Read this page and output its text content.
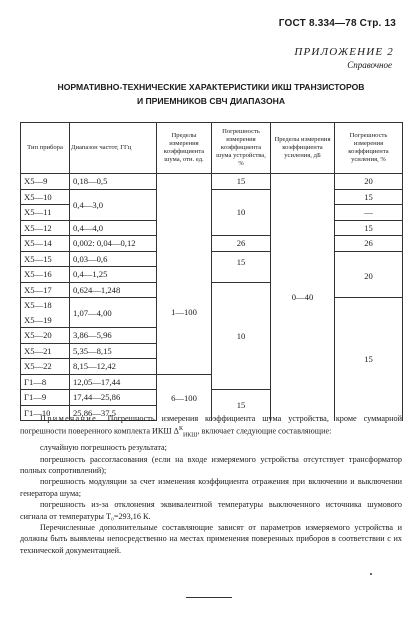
ГОСТ 8.334—78 Стр. 13
ПРИЛОЖЕНИЕ 2
Справочное
НОРМАТИВНО-ТЕХНИЧЕСКИЕ ХАРАКТЕРИСТИКИ ИКШ ТРАНЗИСТОРОВ
И ПРИЕМНИКОВ СВЧ ДИАПАЗОНА
Тип прибора	Диапазон частот, ГГц	Пределы измерения коэффициента шума, отн. ед.	Погрешность измерения коэффициента шума устройства, %	Пределы измерения коэффициента усиления, дБ	Погрешность измерения коэффициента усиления, %
Х5—9	0,18—0,5		15	0—40	20
Х5—10	0,4—3,0		10		15
Х5—11					—
Х5—12	0,4—4,0				15
Х5—14	0,002: 0,04—0,12		26		26
Х5—15	0,03—0,6	1—100	15		20
Х5—16	0,4—1,25				
Х5—17	0,624—1,248		10		
Х5—18	1,07—4,00				15
Х5—19					
Х5—20	3,86—5,96				
Х5—21	5,35—8,15				
Х5—22	8,15—12,42				
Г1—8	12,05—17,44	6—100			
Г1—9	17,44—25,86		15		
Г1—10	25,86—37,5				

Примечание. Погрешность измерения коэффициента шума устройства, кроме суммарной погрешности поверенного комплекта ИКШ $\Delta^К_{ИКШ}$, включает следующие составляющие:

случайную погрешность результата;

погрешность рассогласования (если на входе измеряемого устройства отсутствует трансформатор полных сопротивлений);

погрешность модуляции за счет изменения коэффициента отражения при включении и выключении генератора шума;

погрешность из-за отклонения эквивалентной температуры выключенного источника шумового сигнала от температуры T₀=293,16 К.

Перечисленные дополнительные составляющие зависят от параметров измеряемого устройства и должны быть выявлены непосредственно на местах применения поверенных приборов в соответствии с их технической документацией.
